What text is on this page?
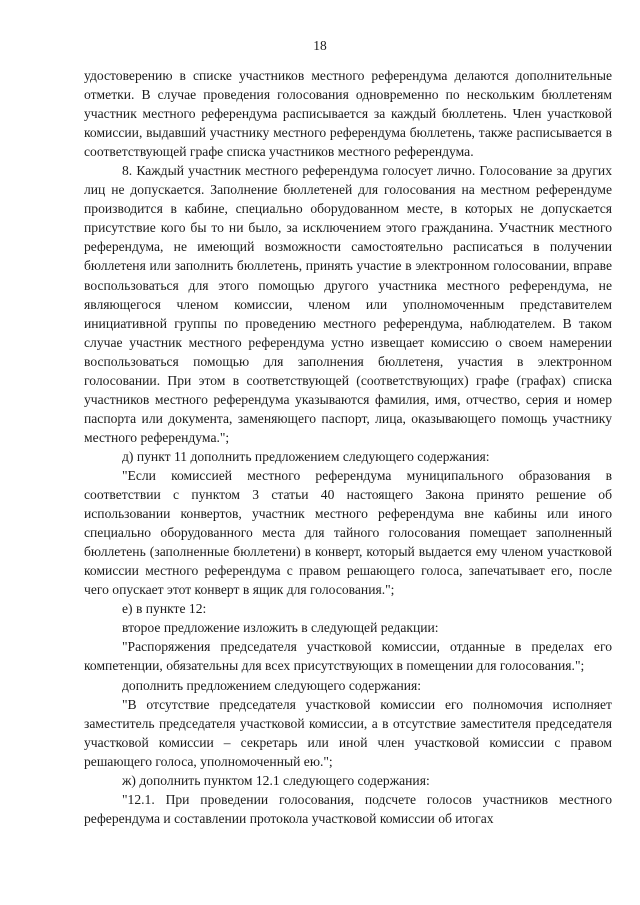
18

удостоверению в списке участников местного референдума делаются дополнительные отметки. В случае проведения голосования одновременно по нескольким бюллетеням участник местного референдума расписывается за каждый бюллетень. Член участковой комиссии, выдавший участнику местного референдума бюллетень, также расписывается в соответствующей графе списка участников местного референдума.

8. Каждый участник местного референдума голосует лично. Голосование за других лиц не допускается. Заполнение бюллетеней для голосования на местном референдуме производится в кабине, специально оборудованном месте, в которых не допускается присутствие кого бы то ни было, за исключением этого гражданина. Участник местного референдума, не имеющий возможности самостоятельно расписаться в получении бюллетеня или заполнить бюллетень, принять участие в электронном голосовании, вправе воспользоваться для этого помощью другого участника местного референдума, не являющегося членом комиссии, членом или уполномоченным представителем инициативной группы по проведению местного референдума, наблюдателем. В таком случае участник местного референдума устно извещает комиссию о своем намерении воспользоваться помощью для заполнения бюллетеня, участия в электронном голосовании. При этом в соответствующей (соответствующих) графе (графах) списка участников местного референдума указываются фамилия, имя, отчество, серия и номер паспорта или документа, заменяющего паспорт, лица, оказывающего помощь участнику местного референдума.";

д) пункт 11 дополнить предложением следующего содержания:

"Если комиссией местного референдума муниципального образования в соответствии с пунктом 3 статьи 40 настоящего Закона принято решение об использовании конвертов, участник местного референдума вне кабины или иного специально оборудованного места для тайного голосования помещает заполненный бюллетень (заполненные бюллетени) в конверт, который выдается ему членом участковой комиссии местного референдума с правом решающего голоса, запечатывает его, после чего опускает этот конверт в ящик для голосования.";

е) в пункте 12:

второе предложение изложить в следующей редакции:

"Распоряжения председателя участковой комиссии, отданные в пределах его компетенции, обязательны для всех присутствующих в помещении для голосования.";

дополнить предложением следующего содержания:

"В отсутствие председателя участковой комиссии его полномочия исполняет заместитель председателя участковой комиссии, а в отсутствие заместителя председателя участковой комиссии – секретарь или иной член участковой комиссии с правом решающего голоса, уполномоченный ею.";

ж) дополнить пунктом 12.1 следующего содержания:

"12.1. При проведении голосования, подсчете голосов участников местного референдума и составлении протокола участковой комиссии об итогах
